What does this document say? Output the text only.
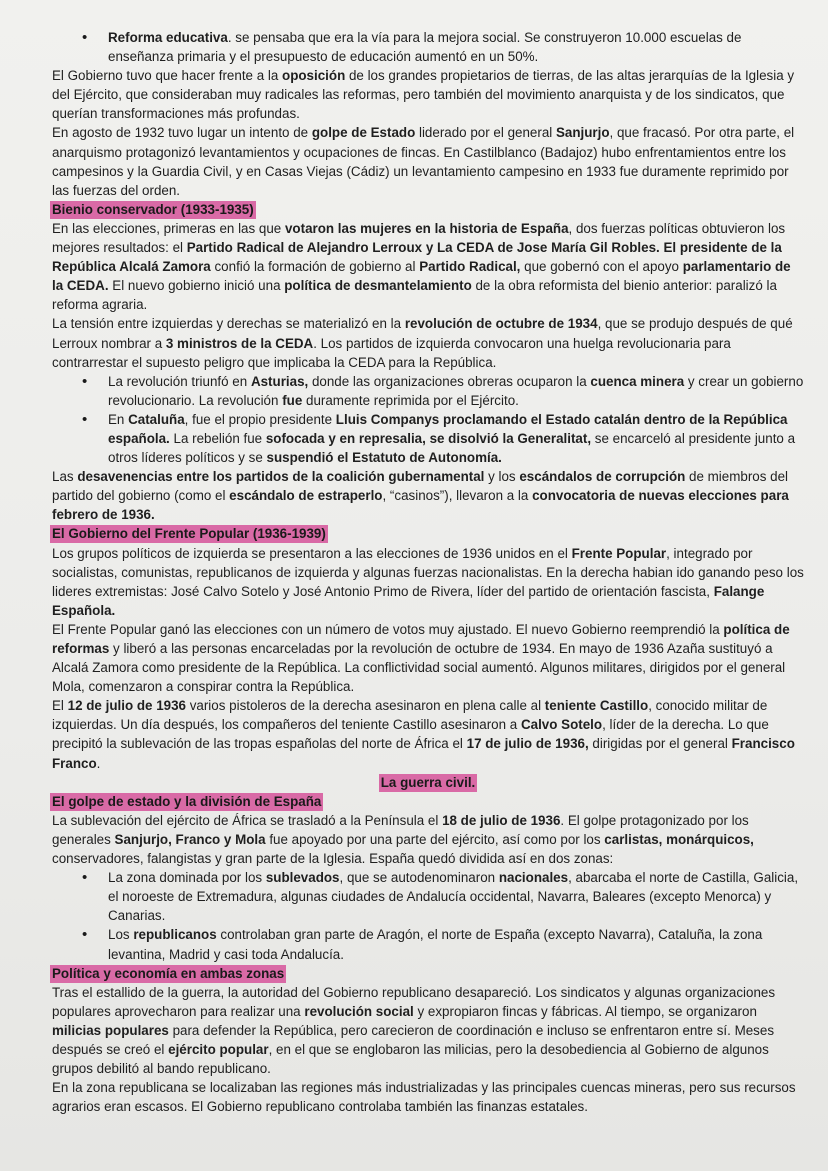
• Reforma educativa. se pensaba que era la vía para la mejora social. Se construyeron 10.000 escuelas de enseñanza primaria y el presupuesto de educación aumentó en un 50%.

El Gobierno tuvo que hacer frente a la oposición de los grandes propietarios de tierras, de las altas jerarquías de la Iglesia y del Ejército, que consideraban muy radicales las reformas, pero también del movimiento anarquista y de los sindicatos, que querían transformaciones más profundas.

En agosto de 1932 tuvo lugar un intento de golpe de Estado liderado por el general Sanjurjo, que fracasó. Por otra parte, el anarquismo protagonizó levantamientos y ocupaciones de fincas. En Castilblanco (Badajoz) hubo enfrentamientos entre los campesinos y la Guardia Civil, y en Casas Viejas (Cádiz) un levantamiento campesino en 1933 fue duramente reprimido por las fuerzas del orden.

Bienio conservador (1933-1935)

En las elecciones, primeras en las que votaron las mujeres en la historia de España, dos fuerzas políticas obtuvieron los mejores resultados: el Partido Radical de Alejandro Lerroux y La CEDA de Jose María Gil Robles. El presidente de la República Alcalá Zamora confió la formación de gobierno al Partido Radical, que gobernó con el apoyo parlamentario de la CEDA. El nuevo gobierno inició una política de desmantelamiento de la obra reformista del bienio anterior: paralizó la reforma agraria.

La tensión entre izquierdas y derechas se materializó en la revolución de octubre de 1934, que se produjo después de qué Lerroux nombrar a 3 ministros de la CEDA. Los partidos de izquierda convocaron una huelga revolucionaria para contrarrestar el supuesto peligro que implicaba la CEDA para la República.

• La revolución triunfó en Asturias, donde las organizaciones obreras ocuparon la cuenca minera y crear un gobierno revolucionario. La revolución fue duramente reprimida por el Ejército.
• En Cataluña, fue el propio presidente Lluis Companys proclamando el Estado catalán dentro de la República española. La rebelión fue sofocada y en represalia, se disolvió la Generalitat, se encarceló al presidente junto a otros líderes políticos y se suspendió el Estatuto de Autonomía.

Las desavenencias entre los partidos de la coalición gubernamental y los escándalos de corrupción de miembros del partido del gobierno (como el escándalo de estraperlo, “casinos”), llevaron a la convocatoria de nuevas elecciones para febrero de 1936.

El Gobierno del Frente Popular (1936-1939)

Los grupos políticos de izquierda se presentaron a las elecciones de 1936 unidos en el Frente Popular, integrado por socialistas, comunistas, republicanos de izquierda y algunas fuerzas nacionalistas. En la derecha habian ido ganando peso los lideres extremistas: José Calvo Sotelo y José Antonio Primo de Rivera, líder del partido de orientación fascista, Falange Española.

El Frente Popular ganó las elecciones con un número de votos muy ajustado. El nuevo Gobierno reemprendió la política de reformas y liberó a las personas encarceladas por la revolución de octubre de 1934. En mayo de 1936 Azaña sustituyó a Alcalá Zamora como presidente de la República. La conflictividad social aumentó. Algunos militares, dirigidos por el general Mola, comenzaron a conspirar contra la República.

El 12 de julio de 1936 varios pistoleros de la derecha asesinaron en plena calle al teniente Castillo, conocido militar de izquierdas. Un día después, los compañeros del teniente Castillo asesinaron a Calvo Sotelo, líder de la derecha. Lo que precipitó la sublevación de las tropas españolas del norte de África el 17 de julio de 1936, dirigidas por el general Francisco Franco.

La guerra civil.

El golpe de estado y la división de España

La sublevación del ejército de África se trasladó a la Península el 18 de julio de 1936. El golpe protagonizado por los generales Sanjurjo, Franco y Mola fue apoyado por una parte del ejército, así como por los carlistas, monárquicos, conservadores, falangistas y gran parte de la Iglesia. España quedó dividida así en dos zonas:

• La zona dominada por los sublevados, que se autodenominaron nacionales, abarcaba el norte de Castilla, Galicia, el noroeste de Extremadura, algunas ciudades de Andalucía occidental, Navarra, Baleares (excepto Menorca) y Canarias.
• Los republicanos controlaban gran parte de Aragón, el norte de España (excepto Navarra), Cataluña, la zona levantina, Madrid y casi toda Andalucía.

Política y economía en ambas zonas

Tras el estallido de la guerra, la autoridad del Gobierno republicano desapareció. Los sindicatos y algunas organizaciones populares aprovecharon para realizar una revolución social y expropiaron fincas y fábricas. Al tiempo, se organizaron milicias populares para defender la República, pero carecieron de coordinación e incluso se enfrentaron entre sí. Meses después se creó el ejército popular, en el que se englobaron las milicias, pero la desobediencia al Gobierno de algunos grupos debilitó al bando republicano.

En la zona republicana se localizaban las regiones más industrializadas y las principales cuencas mineras, pero sus recursos agrarios eran escasos. El Gobierno republicano controlaba también las finanzas estatales.
